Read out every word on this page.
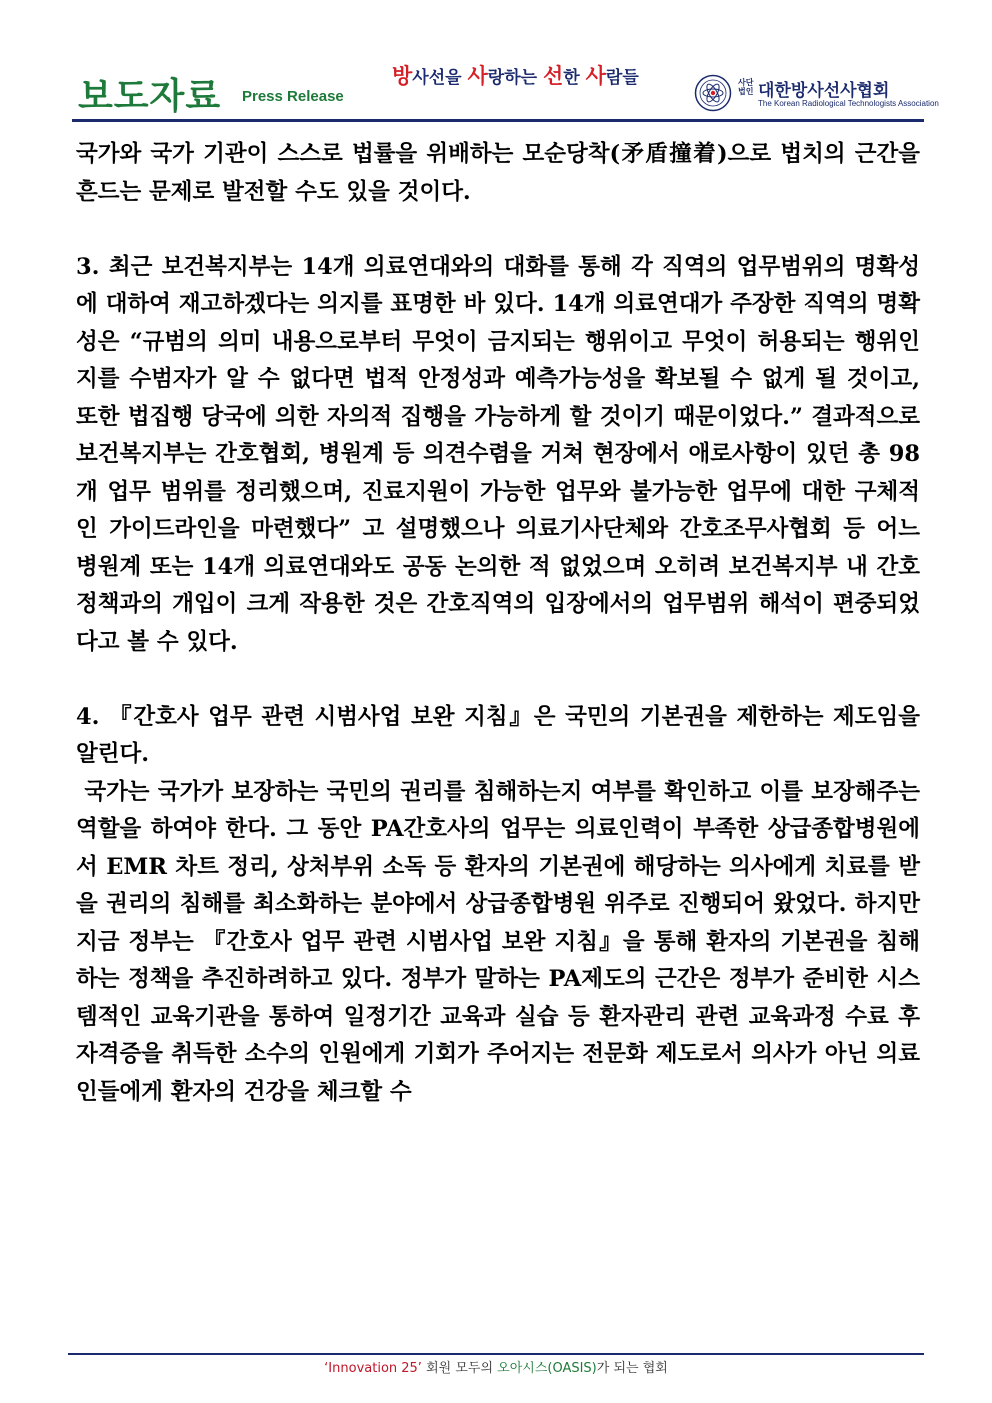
보도자료 Press Release
방사선을 사랑하는 선한 사람들	사단 법인 대한방사선사협회
The Korean Radiological Technologists Association

국가와 국가 기관이 스스로 법률을 위배하는 모순당착(矛盾撞着)으로 법치의 근간을 흔드는 문제로 발전할 수도 있을 것이다.

3. 최근 보건복지부는 14개 의료연대와의 대화를 통해 각 직역의 업무범위의 명확성에 대하여 재고하겠다는 의지를 표명한 바 있다. 14개 의료연대가 주장한 직역의 명확성은 “규범의 의미 내용으로부터 무엇이 금지되는 행위이고 무엇이 허용되는 행위인지를 수범자가 알 수 없다면 법적 안정성과 예측가능성을 확보될 수 없게 될 것이고, 또한 법집행 당국에 의한 자의적 집행을 가능하게 할 것이기 때문이었다.” 결과적으로 보건복지부는 간호협회, 병원계 등 의견수렴을 거쳐 현장에서 애로사항이 있던 총 98개 업무 범위를 정리했으며, 진료지원이 가능한 업무와 불가능한 업무에 대한 구체적인 가이드라인을 마련했다” 고 설명했으나 의료기사단체와 간호조무사협회 등 어느 병원계 또는 14개 의료연대와도 공동 논의한 적 없었으며 오히려 보건복지부 내 간호정책과의 개입이 크게 작용한 것은 간호직역의 입장에서의 업무범위 해석이 편중되었다고 볼 수 있다.

4. 『간호사 업무 관련 시범사업 보완 지침』은 국민의 기본권을 제한하는 제도임을 알린다.

국가는 국가가 보장하는 국민의 권리를 침해하는지 여부를 확인하고 이를 보장해주는 역할을 하여야 한다. 그 동안 PA간호사의 업무는 의료인력이 부족한 상급종합병원에서 EMR 차트 정리, 상처부위 소독 등 환자의 기본권에 해당하는 의사에게 치료를 받을 권리의 침해를 최소화하는 분야에서 상급종합병원 위주로 진행되어 왔었다. 하지만 지금 정부는 『간호사 업무 관련 시범사업 보완 지침』을 통해 환자의 기본권을 침해하는 정책을 추진하려하고 있다. 정부가 말하는 PA제도의 근간은 정부가 준비한 시스템적인 교육기관을 통하여 일정기간 교육과 실습 등 환자관리 관련 교육과정 수료 후 자격증을 취득한 소수의 인원에게 기회가 주어지는 전문화 제도로서 의사가 아닌 의료인들에게 환자의 건강을 체크할 수

‘Innovation 25’ 회원 모두의 오아시스(OASIS)가 되는 협회
